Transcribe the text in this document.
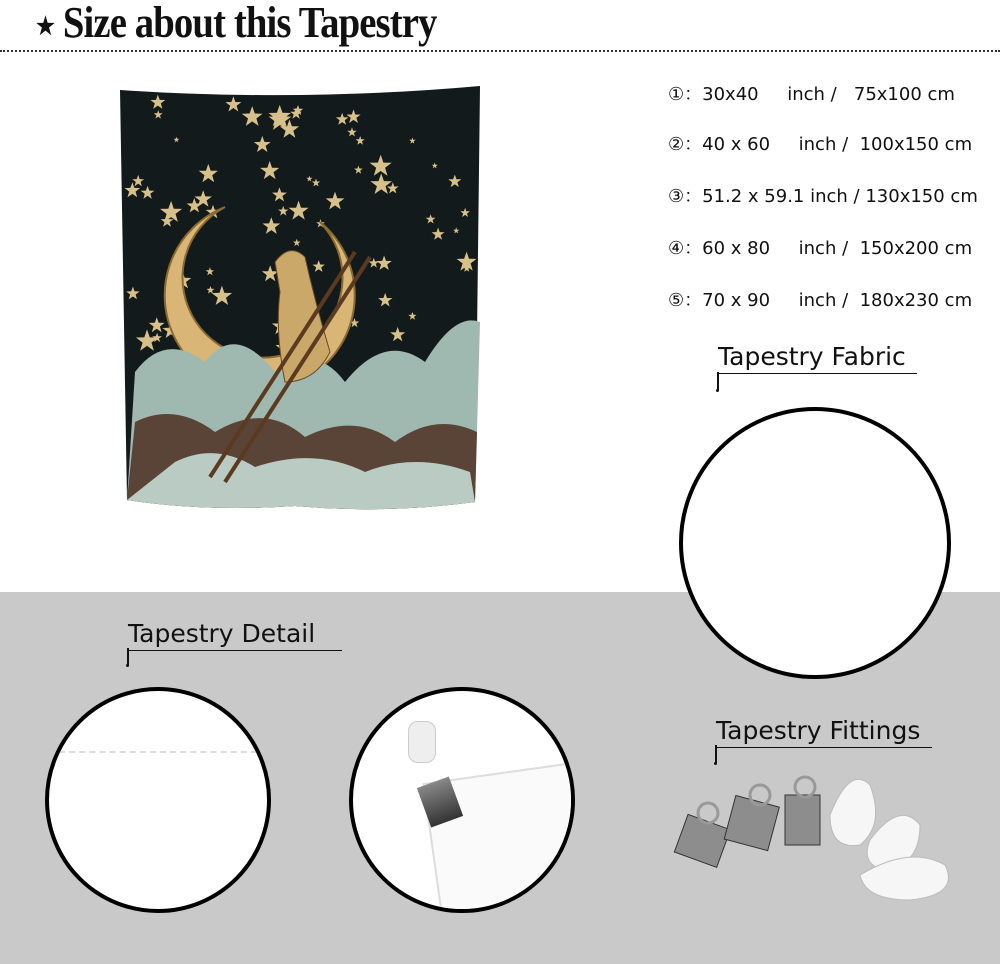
★ Size about this Tapestry
①：30x40     inch /   75x100 cm
②：40 x 60     inch /  100x150 cm
③：51.2 x 59.1 inch / 130x150 cm
④：60 x 80     inch /  150x200 cm
⑤：70 x 90     inch /  180x230 cm
Tapestry Fabric
Tapestry Detail
Tapestry Fittings
